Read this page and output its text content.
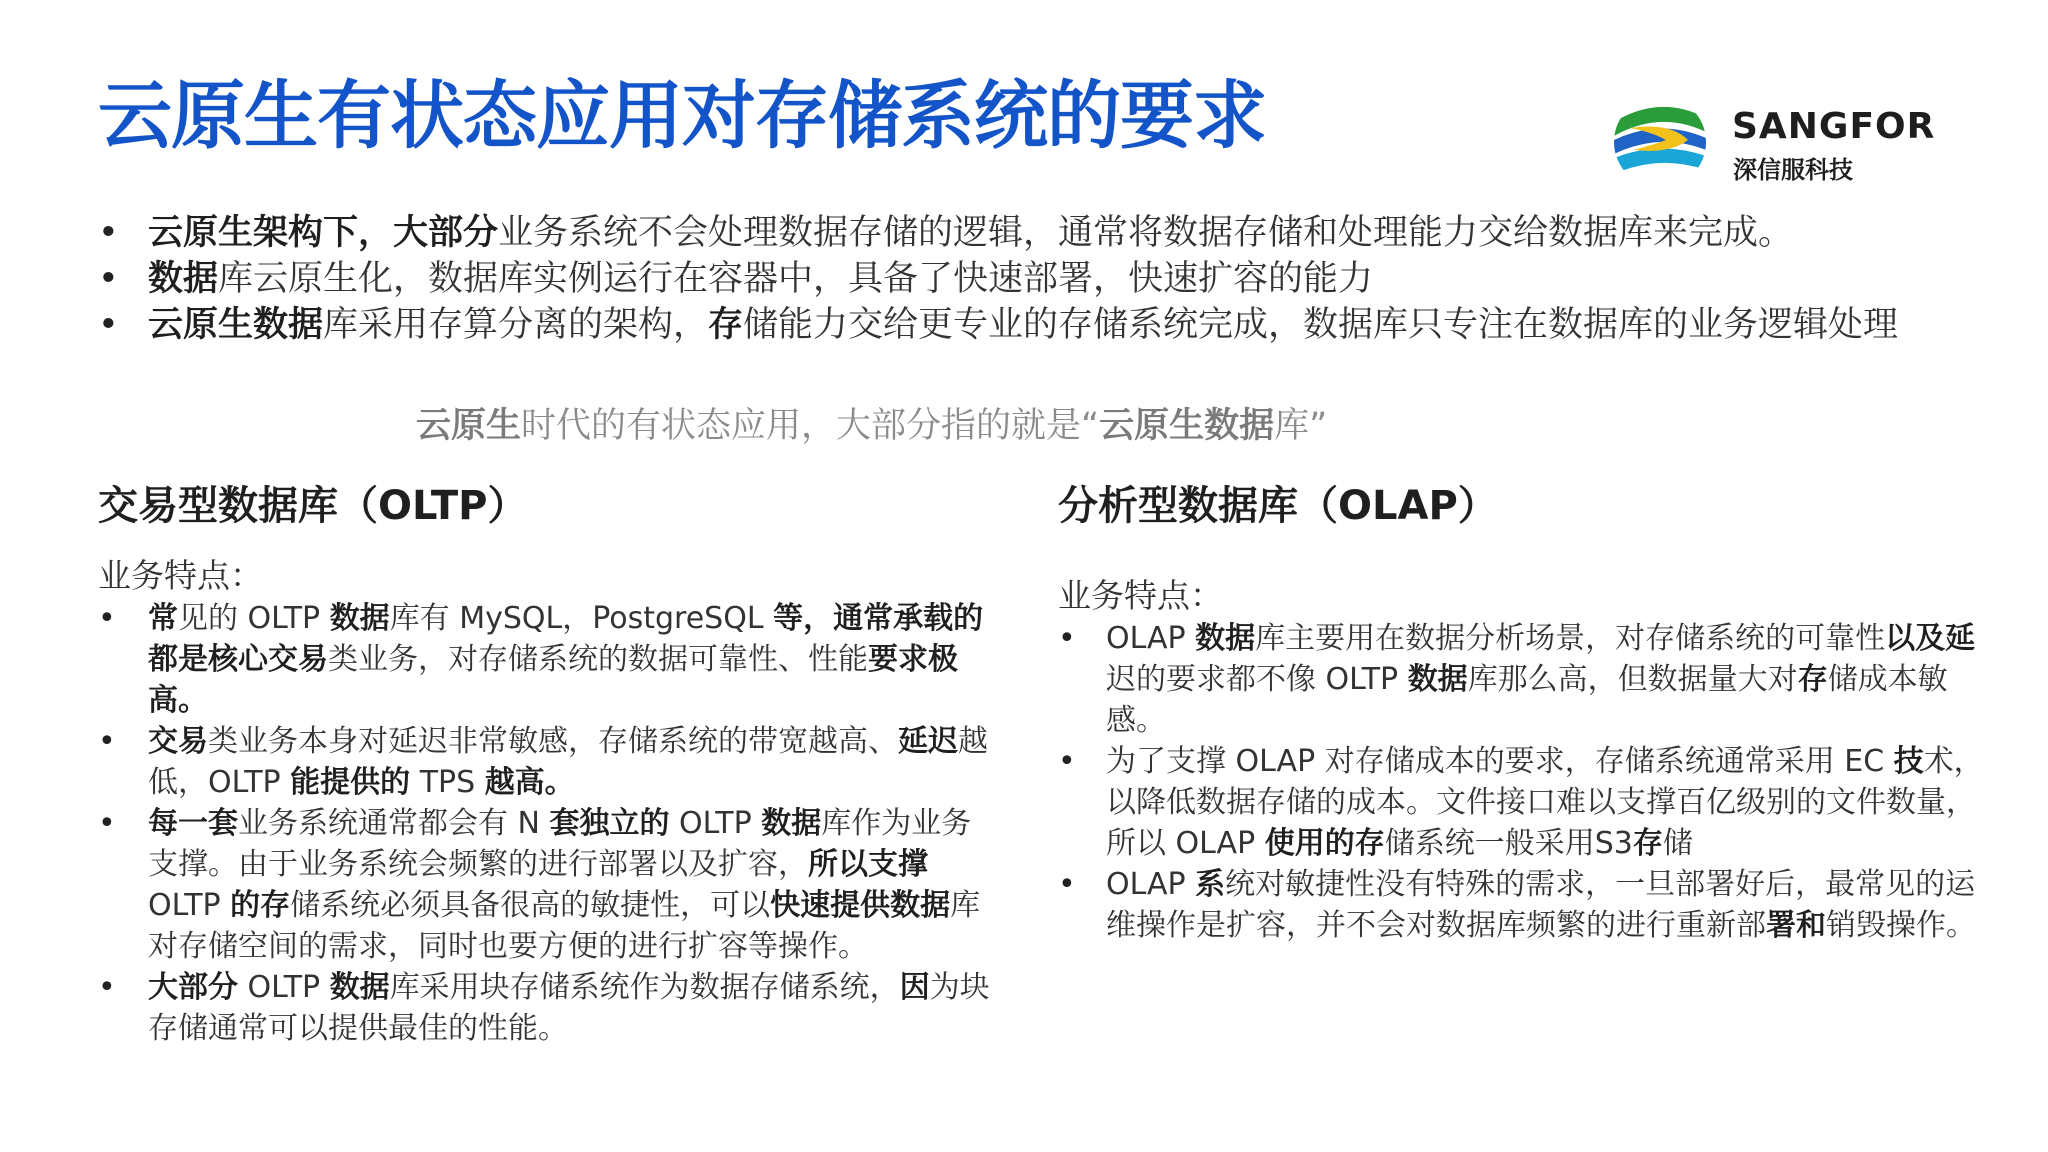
云原生有状态应用对存储系统的要求	SANGFOR
深信服科技
• 云原生架构下，大部分业务系统不会处理数据存储的逻辑，通常将数据存储和处理能力交给数据库来完成。
• 数据库云原生化，数据库实例运行在容器中，具备了快速部署，快速扩容的能力
• 云原生数据库采用存算分离的架构，存储能力交给更专业的存储系统完成，数据库只专注在数据库的业务逻辑处理
云原生时代的有状态应用，大部分指的就是“云原生数据库”
交易型数据库（OLTP）
业务特点：
• 常见的 OLTP 数据库有 MySQL，PostgreSQL 等，通常承载的都是核心交易类业务，对存储系统的数据可靠性、性能要求极高。
• 交易类业务本身对延迟非常敏感，存储系统的带宽越高、延迟越低，OLTP 能提供的 TPS 越高。
• 每一套业务系统通常都会有 N 套独立的 OLTP 数据库作为业务支撑。由于业务系统会频繁的进行部署以及扩容，所以支撑 OLTP 的存储系统必须具备很高的敏捷性，可以快速提供数据库对存储空间的需求，同时也要方便的进行扩容等操作。
• 大部分 OLTP 数据库采用块存储系统作为数据存储系统，因为块存储通常可以提供最佳的性能。
分析型数据库（OLAP）
业务特点：
• OLAP 数据库主要用在数据分析场景，对存储系统的可靠性以及延迟的要求都不像 OLTP 数据库那么高，但数据量大对存储成本敏感。
• 为了支撑 OLAP 对存储成本的要求，存储系统通常采用 EC 技术，以降低数据存储的成本。文件接口难以支撑百亿级别的文件数量，所以 OLAP 使用的存储系统一般采用S3存储
• OLAP 系统对敏捷性没有特殊的需求，一旦部署好后，最常见的运维操作是扩容，并不会对数据库频繁的进行重新部署和销毁操作。
